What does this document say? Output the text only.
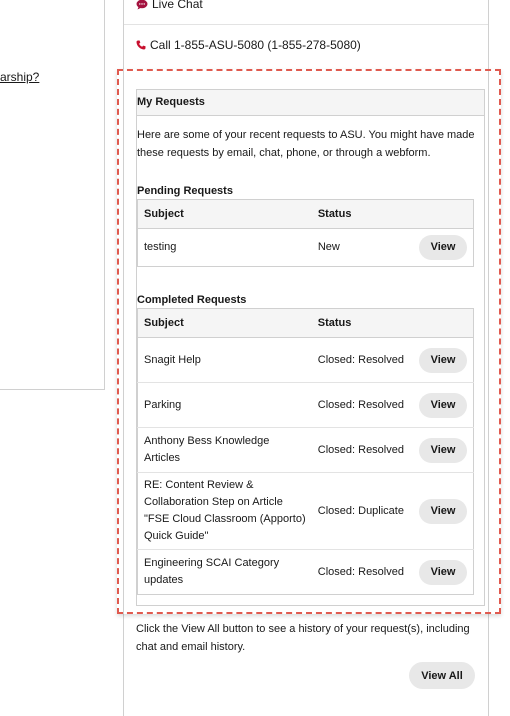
arship?
Live Chat
Call 1-855-ASU-5080 (1-855-278-5080)
My Requests
Here are some of your recent requests to ASU. You might have made these requests by email, chat, phone, or through a webform.
Pending Requests
Subject	Status	
testing	New	View
Completed Requests
Subject	Status	
Snagit Help	Closed: Resolved	View
Parking	Closed: Resolved	View
Anthony Bess Knowledge Articles	Closed: Resolved	View
RE: Content Review & Collaboration Step on Article "FSE Cloud Classroom (Apporto) Quick Guide"	Closed: Duplicate	View
Engineering SCAI Category updates	Closed: Resolved	View
Click the View All button to see a history of your request(s), including chat and email history.
View All
